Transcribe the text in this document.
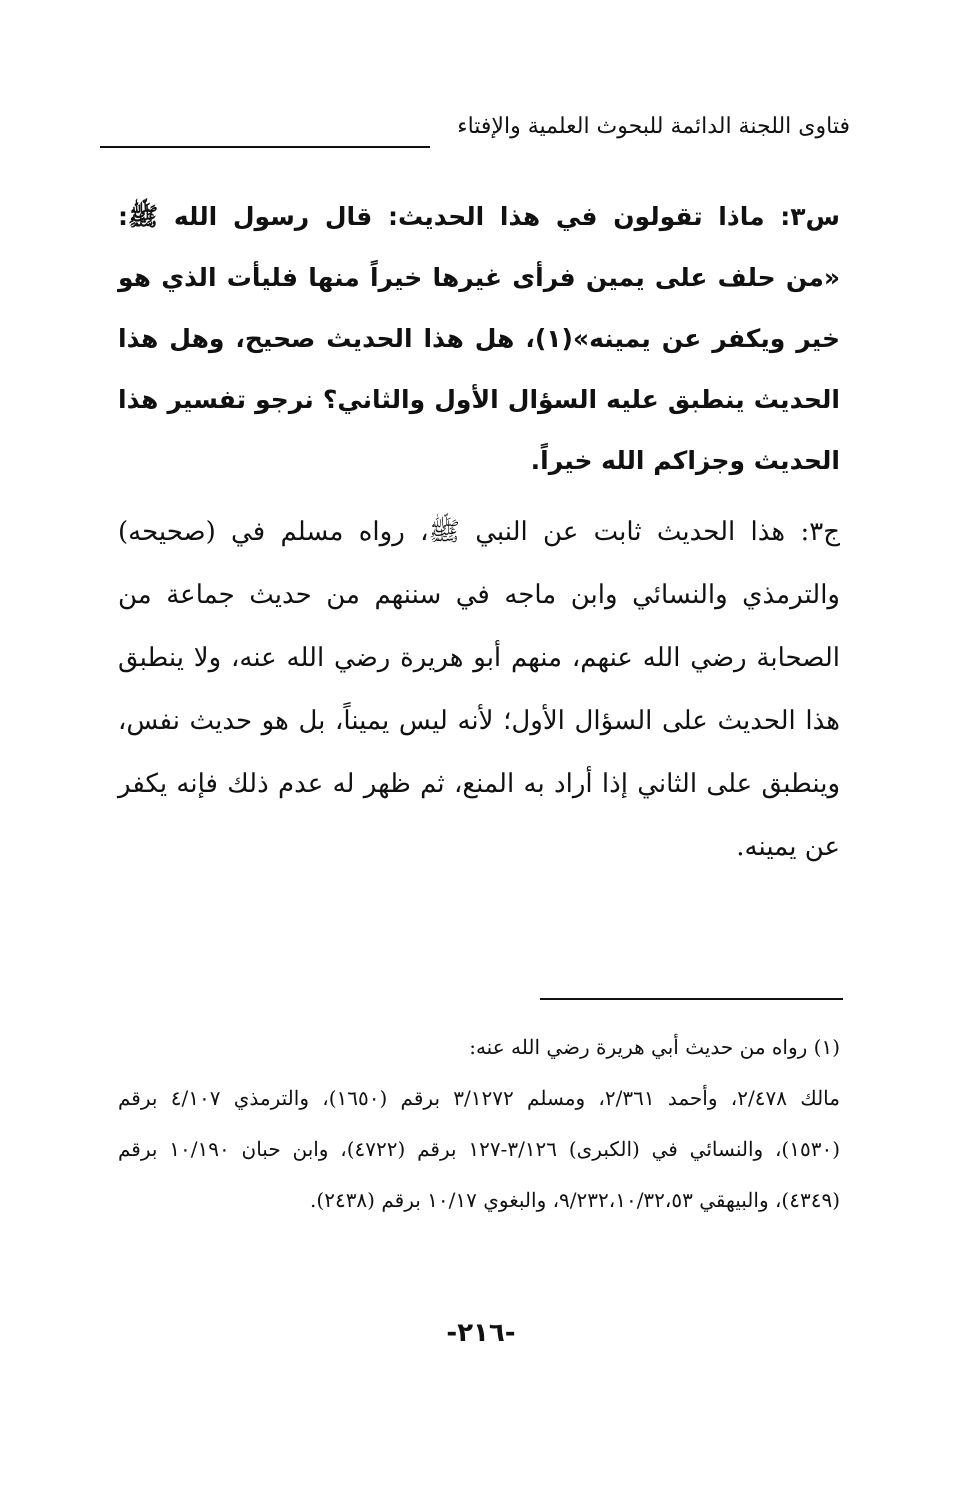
فتاوى اللجنة الدائمة للبحوث العلمية والإفتاء

س٣: ماذا تقولون في هذا الحديث: قال رسول الله ﷺ: «من حلف على يمين فرأى غيرها خيراً منها فليأت الذي هو خير ويكفر عن يمينه»(١)، هل هذا الحديث صحيح، وهل هذا الحديث ينطبق عليه السؤال الأول والثاني؟ نرجو تفسير هذا الحديث وجزاكم الله خيراً.

ج٣: هذا الحديث ثابت عن النبي ﷺ، رواه مسلم في (صحيحه) والترمذي والنسائي وابن ماجه في سننهم من حديث جماعة من الصحابة رضي الله عنهم، منهم أبو هريرة رضي الله عنه، ولا ينطبق هذا الحديث على السؤال الأول؛ لأنه ليس يميناً، بل هو حديث نفس، وينطبق على الثاني إذا أراد به المنع، ثم ظهر له عدم ذلك فإنه يكفر عن يمينه.

(١) رواه من حديث أبي هريرة رضي الله عنه:

مالك ٢/٤٧٨، وأحمد ٢/٣٦١، ومسلم ٣/١٢٧٢ برقم (١٦٥٠)، والترمذي ٤/١٠٧ برقم (١٥٣٠)، والنسائي في (الكبرى) ٣/١٢٦-١٢٧ برقم (٤٧٢٢)، وابن حبان ١٠/١٩٠ برقم (٤٣٤٩)، والبيهقي ٩/٢٣٢،١٠/٣٢،٥٣، والبغوي ١٠/١٧ برقم (٢٤٣٨).

-٢١٦-
